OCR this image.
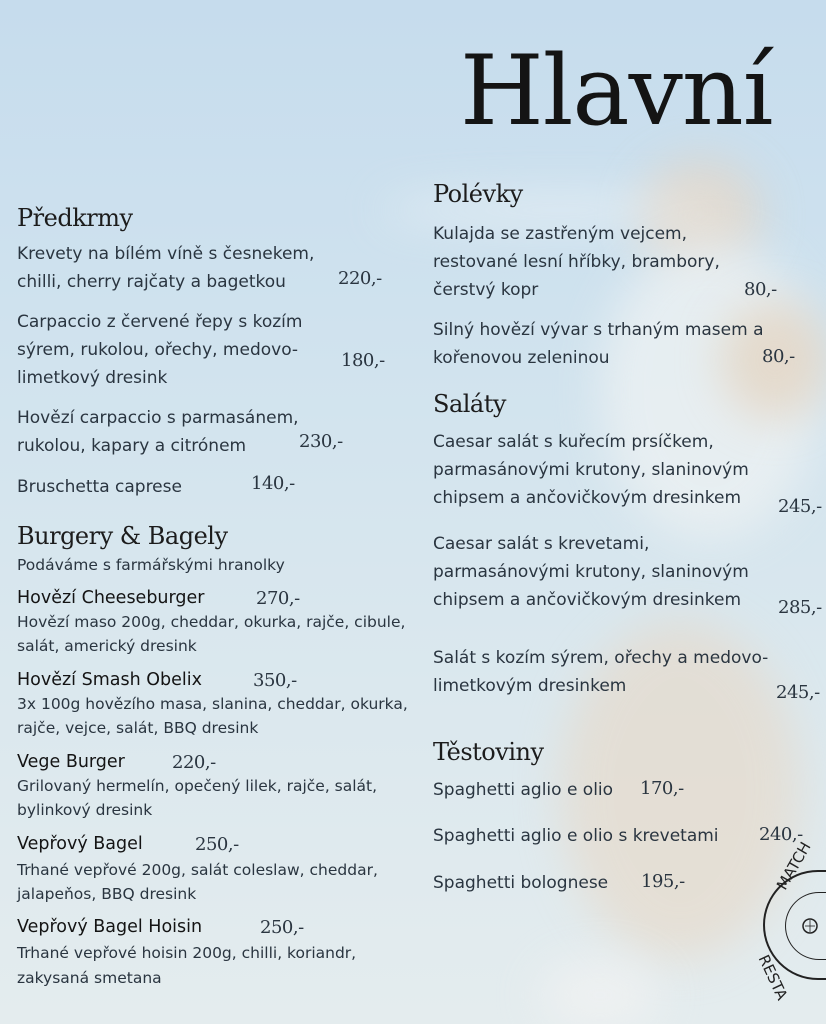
Hlavní
Předkrmy
Krevety na bílém víně s česnekem,
chilli, cherry rajčaty a bagetkou	220,-
Carpaccio z červené řepy s kozím
sýrem, rukolou, ořechy, medovo-
limetkový dresink
180,-
Hovězí carpaccio s parmasánem,
rukolou, kapary a citrónem	230,-
Bruschetta caprese	140,-
Burgery & Bagely
Podáváme s farmářskými hranolky
Hovězí Cheeseburger	270,-
Hovězí maso 200g, cheddar, okurka, rajče, cibule,
salát, americký dresink
Hovězí Smash Obelix	350,-
3x 100g hovězího masa, slanina, cheddar, okurka,
rajče, vejce, salát, BBQ dresink
Vege Burger	220,-
Grilovaný hermelín, opečený lilek, rajče, salát,
bylinkový dresink
Vepřový Bagel	250,-
Trhané vepřové 200g, salát coleslaw, cheddar,
jalapeňos, BBQ dresink
Vepřový Bagel Hoisin	250,-
Trhané vepřové hoisin 200g, chilli, koriandr,
zakysaná smetana
Polévky
Kulajda se zastřeným vejcem,
restované lesní hříbky, brambory,
čerstvý kopr	80,-
Silný hovězí vývar s trhaným masem a
kořenovou zeleninou	80,-
Saláty
Caesar salát s kuřecím prsíčkem,
parmasánovými krutony, slaninovým
chipsem a ančovičkovým dresinkem 245,-
Caesar salát s krevetami,
parmasánovými krutony, slaninovým
chipsem a ančovičkovým dresinkem 285,-
Salát s kozím sýrem, ořechy a medovo-
limetkovým dresinkem	245,-
Těstoviny
Spaghetti aglio e olio 170,-
Spaghetti aglio e olio s krevetami 240,-
Spaghetti bolognese 195,-	MATCH
RESTA
